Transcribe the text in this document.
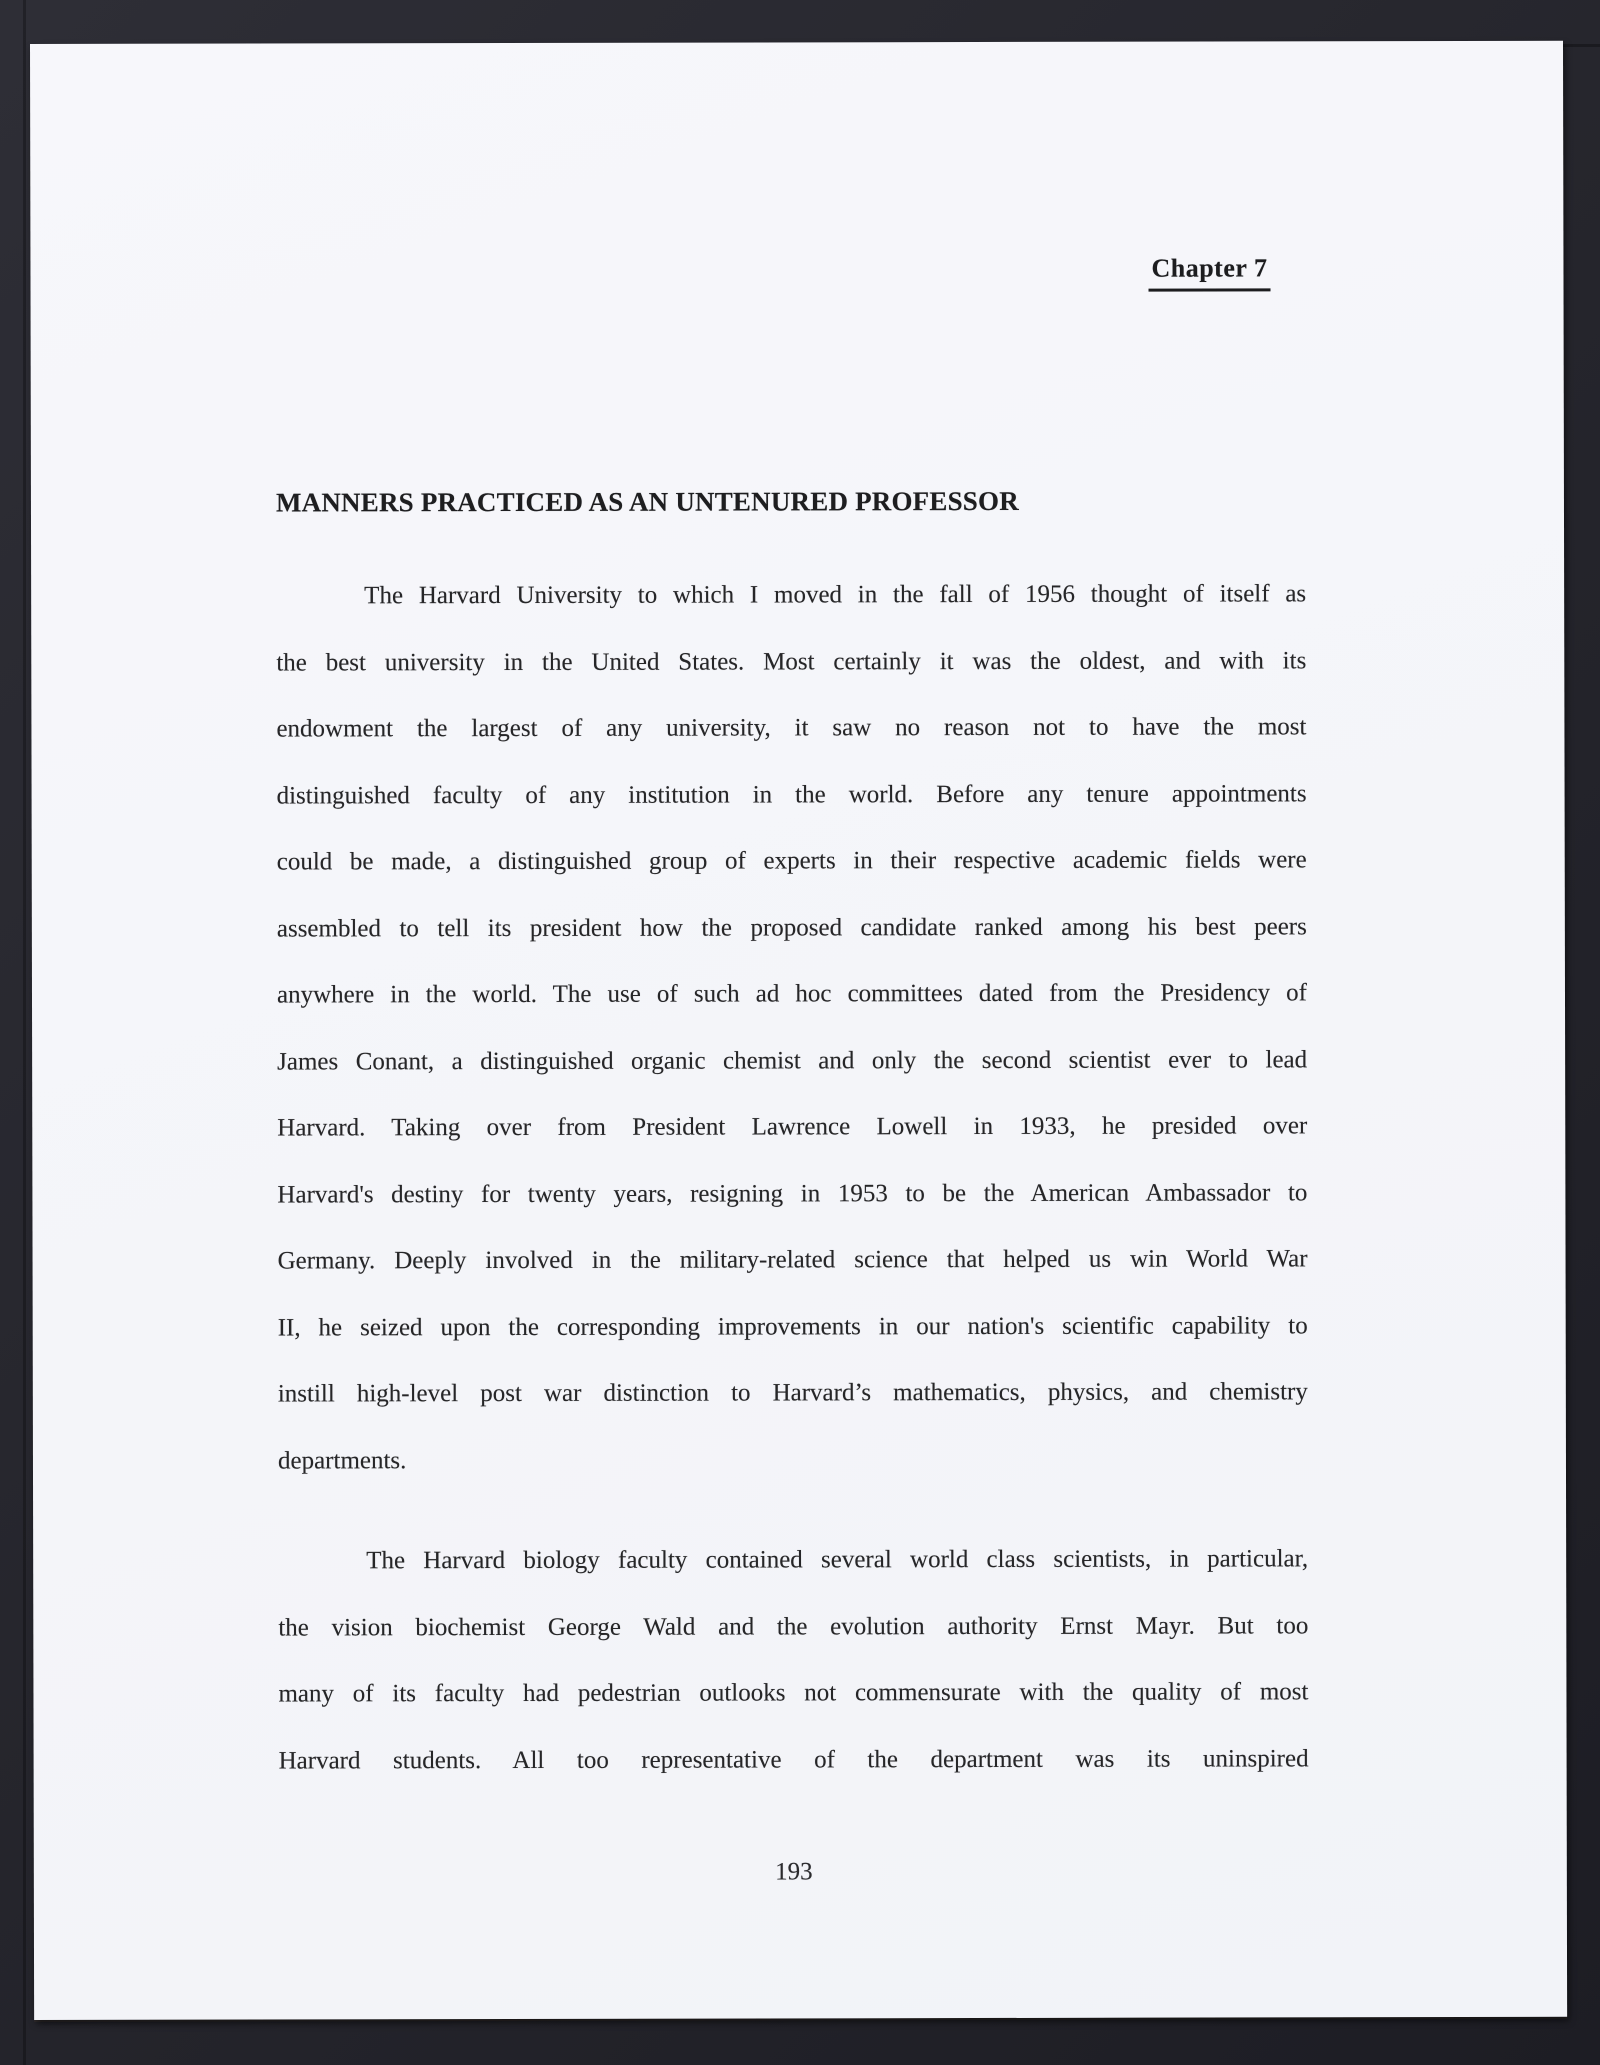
Chapter 7
MANNERS PRACTICED AS AN UNTENURED PROFESSOR
The Harvard University to which I moved in the fall of 1956 thought of itself as
the best university in the United States. Most certainly it was the oldest, and with its
endowment the largest of any university, it saw no reason not to have the most
distinguished faculty of any institution in the world. Before any tenure appointments
could be made, a distinguished group of experts in their respective academic fields were
assembled to tell its president how the proposed candidate ranked among his best peers
anywhere in the world. The use of such ad hoc committees dated from the Presidency of
James Conant, a distinguished organic chemist and only the second scientist ever to lead
Harvard. Taking over from President Lawrence Lowell in 1933, he presided over
Harvard's destiny for twenty years, resigning in 1953 to be the American Ambassador to
Germany. Deeply involved in the military-related science that helped us win World War
II, he seized upon the corresponding improvements in our nation's scientific capability to
instill high-level post war distinction to Harvard’s mathematics, physics, and chemistry
departments.
The Harvard biology faculty contained several world class scientists, in particular,
the vision biochemist George Wald and the evolution authority Ernst Mayr. But too
many of its faculty had pedestrian outlooks not commensurate with the quality of most
Harvard students. All too representative of the department was its uninspired
193
